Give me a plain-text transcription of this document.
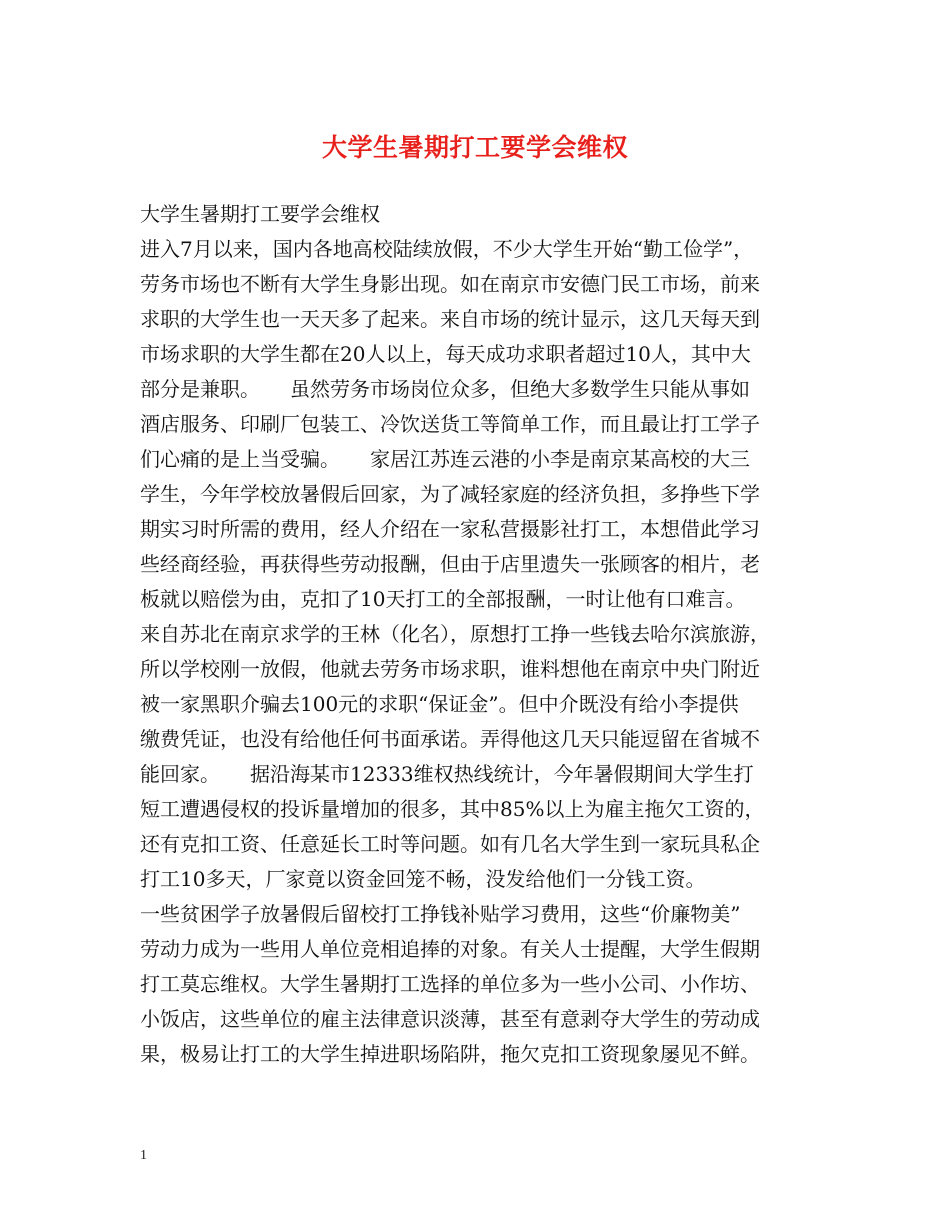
大学生暑期打工要学会维权
大学生暑期打工要学会维权
进入7月以来，国内各地高校陆续放假，不少大学生开始“勤工俭学”，
劳务市场也不断有大学生身影出现。如在南京市安德门民工市场，前来
求职的大学生也一天天多了起来。来自市场的统计显示，这几天每天到
市场求职的大学生都在20人以上，每天成功求职者超过10人，其中大
部分是兼职。　　虽然劳务市场岗位众多，但绝大多数学生只能从事如
酒店服务、印刷厂包装工、冷饮送货工等简单工作，而且最让打工学子
们心痛的是上当受骗。　　家居江苏连云港的小李是南京某高校的大三
学生，今年学校放暑假后回家，为了减轻家庭的经济负担，多挣些下学
期实习时所需的费用，经人介绍在一家私营摄影社打工，本想借此学习
些经商经验，再获得些劳动报酬，但由于店里遗失一张顾客的相片，老
板就以赔偿为由，克扣了10天打工的全部报酬，一时让他有口难言。
来自苏北在南京求学的王林（化名），原想打工挣一些钱去哈尔滨旅游，
所以学校刚一放假，他就去劳务市场求职，谁料想他在南京中央门附近
被一家黑职介骗去100元的求职“保证金”。但中介既没有给小李提供
缴费凭证，也没有给他任何书面承诺。弄得他这几天只能逗留在省城不
能回家。　　据沿海某市12333维权热线统计，今年暑假期间大学生打
短工遭遇侵权的投诉量增加的很多，其中85%以上为雇主拖欠工资的，
还有克扣工资、任意延长工时等问题。如有几名大学生到一家玩具私企
打工10多天，厂家竟以资金回笼不畅，没发给他们一分钱工资。
一些贫困学子放暑假后留校打工挣钱补贴学习费用，这些“价廉物美”
劳动力成为一些用人单位竞相追捧的对象。有关人士提醒，大学生假期
打工莫忘维权。大学生暑期打工选择的单位多为一些小公司、小作坊、
小饭店，这些单位的雇主法律意识淡薄，甚至有意剥夺大学生的劳动成
果，极易让打工的大学生掉进职场陷阱，拖欠克扣工资现象屡见不鲜。
1
